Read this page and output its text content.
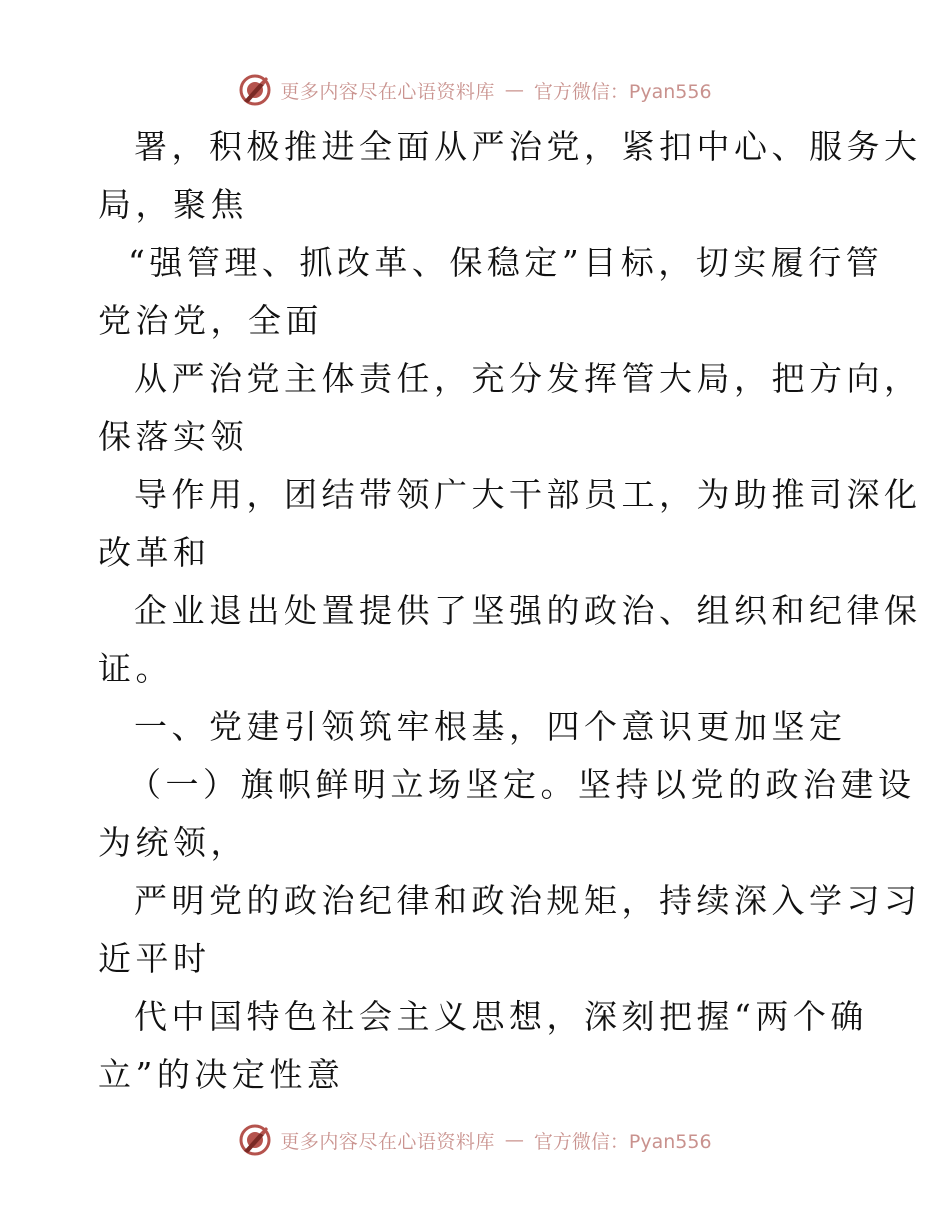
更多内容尽在心语资料库 — 官方微信：Pyan556
署，积极推进全面从严治党，紧扣中心、服务大
局，聚焦
“强管理、抓改革、保稳定”目标，切实履行管
党治党，全面
从严治党主体责任，充分发挥管大局，把方向，
保落实领
导作用，团结带领广大干部员工，为助推司深化
改革和
企业退出处置提供了坚强的政治、组织和纪律保
证。
一、党建引领筑牢根基，四个意识更加坚定
（一）旗帜鲜明立场坚定。坚持以党的政治建设
为统领，
严明党的政治纪律和政治规矩，持续深入学习习
近平时
代中国特色社会主义思想，深刻把握“两个确
立”的决定性意
更多内容尽在心语资料库 — 官方微信：Pyan556
